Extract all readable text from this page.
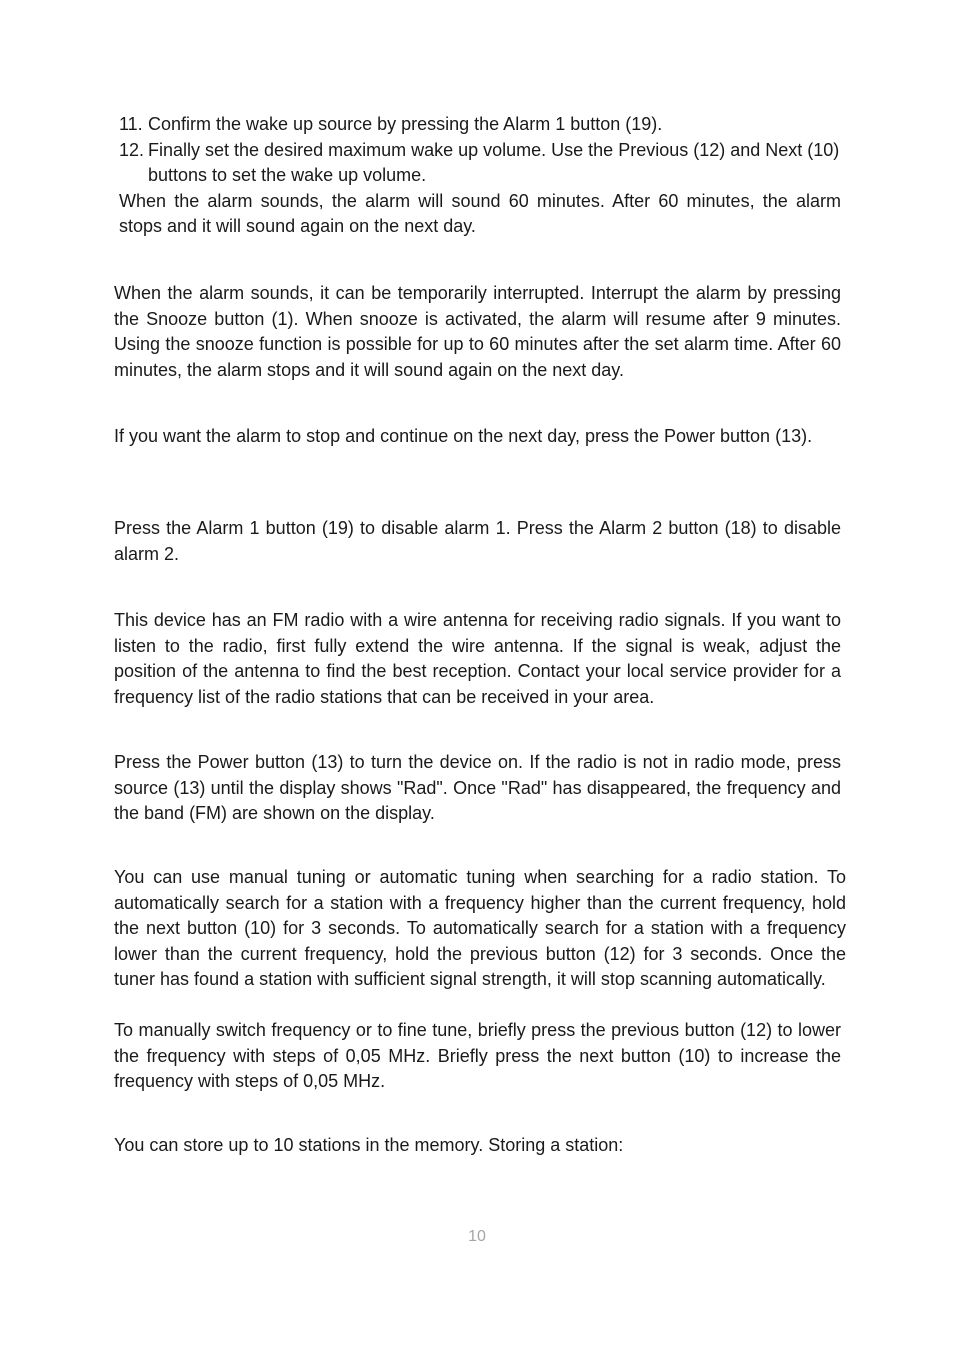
11. Confirm the wake up source by pressing the Alarm 1 button (19).
12. Finally set the desired maximum wake up volume. Use the Previous (12) and Next (10) buttons to set the wake up volume.

When the alarm sounds, the alarm will sound 60 minutes. After 60 minutes, the alarm stops and it will sound again on the next day.

When the alarm sounds, it can be temporarily interrupted. Interrupt the alarm by pressing the Snooze button (1). When snooze is activated, the alarm will resume after 9 minutes. Using the snooze function is possible for up to 60 minutes after the set alarm time. After 60 minutes, the alarm stops and it will sound again on the next day.

If you want the alarm to stop and continue on the next day, press the Power button (13).

Press the Alarm 1 button (19) to disable alarm 1. Press the Alarm 2 button (18) to disable alarm 2.

This device has an FM radio with a wire antenna for receiving radio signals. If you want to listen to the radio, first fully extend the wire antenna. If the signal is weak, adjust the position of the antenna to find the best reception. Contact your local service provider for a frequency list of the radio stations that can be received in your area.

Press the Power button (13) to turn the device on. If the radio is not in radio mode, press source (13) until the display shows "Rad". Once "Rad" has disappeared, the frequency and the band (FM) are shown on the display.

You can use manual tuning or automatic tuning when searching for a radio station. To automatically search for a station with a frequency higher than the current frequency, hold the next button (10) for 3 seconds. To automatically search for a station with a frequency lower than the current frequency, hold the previous button (12) for 3 seconds. Once the tuner has found a station with sufficient signal strength, it will stop scanning automatically.

To manually switch frequency or to fine tune, briefly press the previous button (12) to lower the frequency with steps of 0,05 MHz. Briefly press the next button (10) to increase the frequency with steps of 0,05 MHz.

You can store up to 10 stations in the memory. Storing a station:

10
